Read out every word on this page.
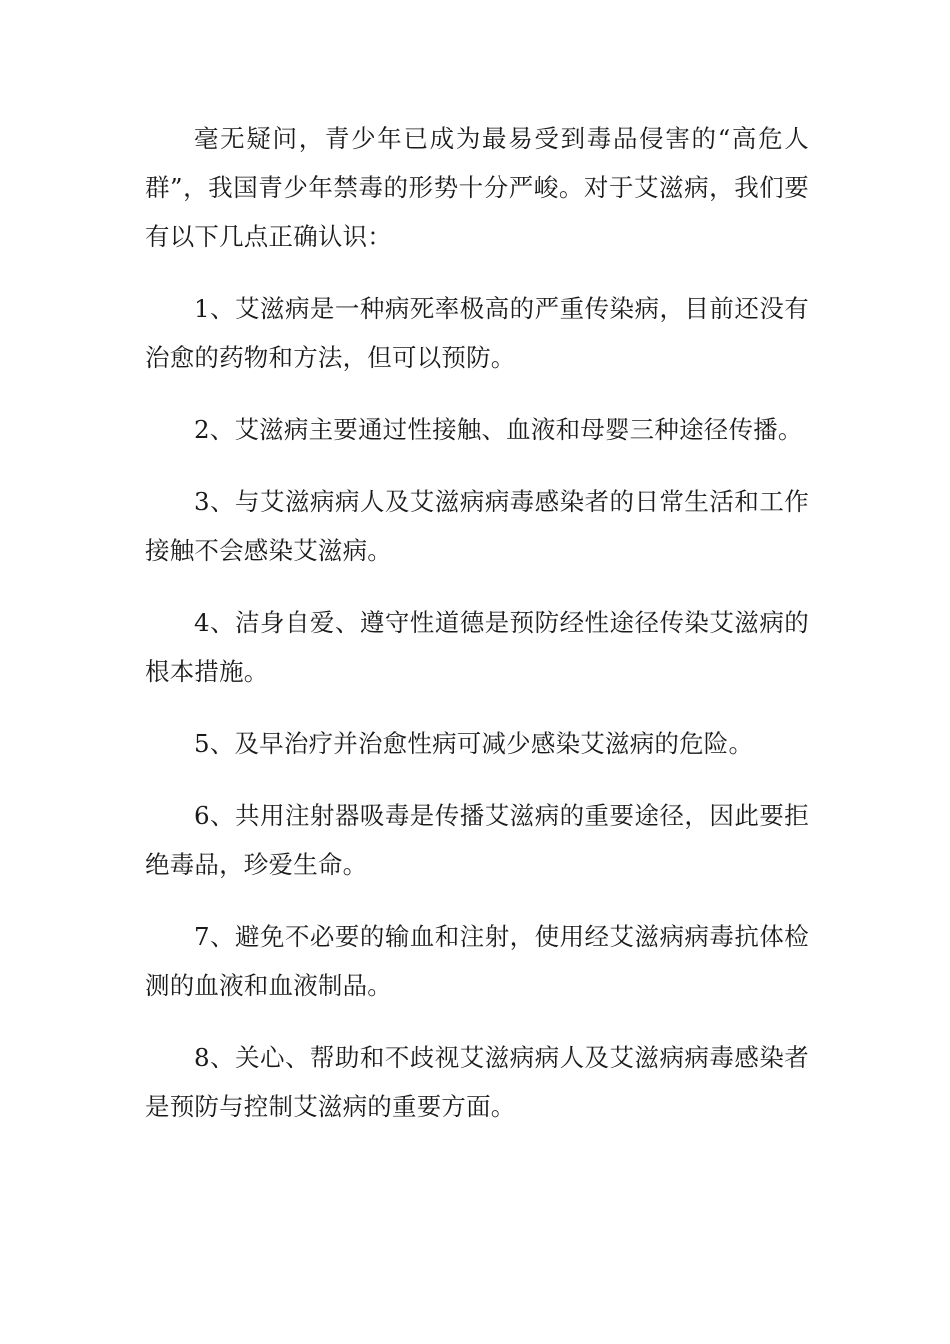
毫无疑问，青少年已成为最易受到毒品侵害的“高危人群”，我国青少年禁毒的形势十分严峻。对于艾滋病，我们要有以下几点正确认识：

1、艾滋病是一种病死率极高的严重传染病，目前还没有治愈的药物和方法，但可以预防。

2、艾滋病主要通过性接触、血液和母婴三种途径传播。

3、与艾滋病病人及艾滋病病毒感染者的日常生活和工作接触不会感染艾滋病。

4、洁身自爱、遵守性道德是预防经性途径传染艾滋病的根本措施。

5、及早治疗并治愈性病可减少感染艾滋病的危险。

6、共用注射器吸毒是传播艾滋病的重要途径，因此要拒绝毒品，珍爱生命。

7、避免不必要的输血和注射，使用经艾滋病病毒抗体检测的血液和血液制品。

8、关心、帮助和不歧视艾滋病病人及艾滋病病毒感染者是预防与控制艾滋病的重要方面。
